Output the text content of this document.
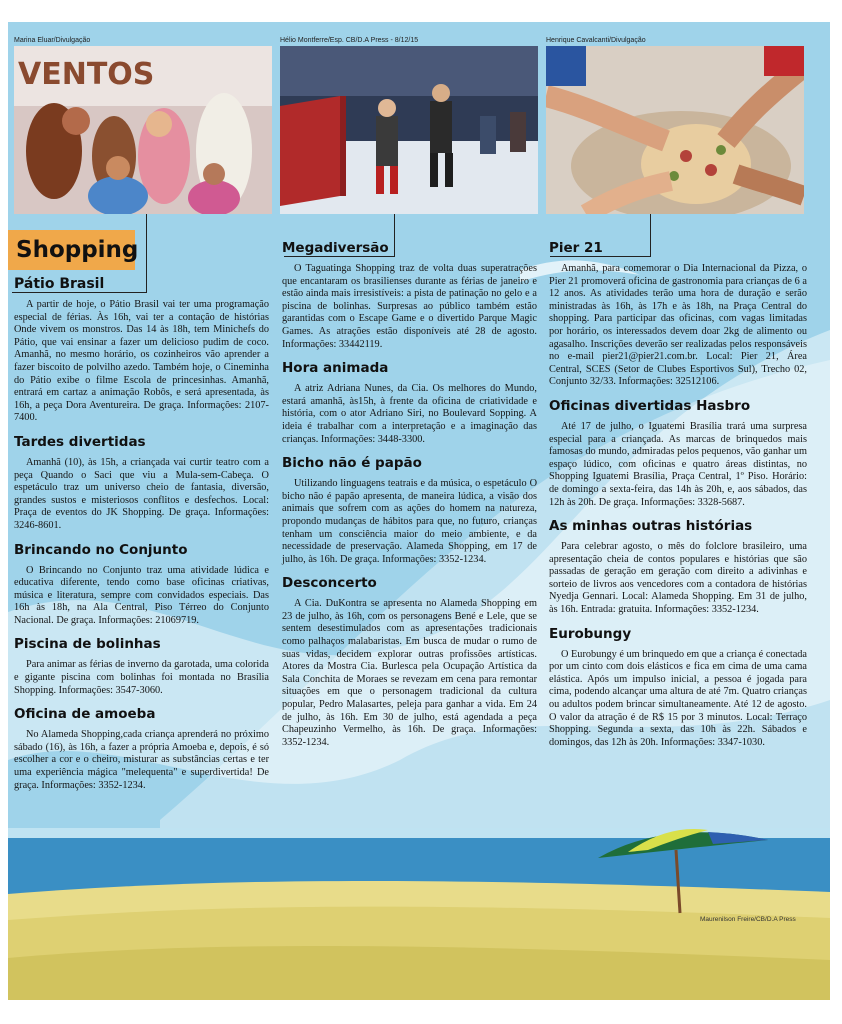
Marina Eluar/Divulgação	Hélio Montferre/Esp. CB/D.A Press - 8/12/15	Henrique Cavalcanti/Divulgação
VENTOS
Shopping
Pátio Brasil

A partir de hoje, o Pátio Brasil vai ter uma programação especial de férias. Às 16h, vai ter a contação de histórias Onde vivem os monstros. Das 14 às 18h, tem Minichefs do Pátio, que vai ensinar a fazer um delicioso pudim de coco. Amanhã, no mesmo horário, os cozinheiros vão aprender a fazer biscoito de polvilho azedo. Também hoje, o Cineminha do Pátio exibe o filme Escola de princesinhas. Amanhã, entrará em cartaz a animação Robôs, e será apresentada, às 16h, a peça Dora Aventureira. De graça. Informações: 2107-7400.

Tardes divertidas

Amanhã (10), às 15h, a criançada vai curtir teatro com a peça Quando o Saci que viu a Mula-sem-Cabeça. O espetáculo traz um universo cheio de fantasia, diversão, grandes sustos e misteriosos conflitos e desfechos. Local: Praça de eventos do JK Shopping. De graça. Informações: 3246-8601.

Brincando no Conjunto

O Brincando no Conjunto traz uma atividade lúdica e educativa diferente, tendo como base oficinas criativas, música e literatura, sempre com convidados especiais. Das 16h às 18h, na Ala Central, Piso Térreo do Conjunto Nacional. De graça. Informações: 21069719.

Piscina de bolinhas

Para animar as férias de inverno da garotada, uma colorida e gigante piscina com bolinhas foi montada no Brasília Shopping. Informações: 3547-3060.

Oficina de amoeba

No Alameda Shopping,cada criança aprenderá no próximo sábado (16), às 16h, a fazer a própria Amoeba e, depois, é só escolher a cor e o cheiro, misturar as substâncias certas e ter uma experiência mágica "melequenta" e superdivertida! De graça. Informações: 3352-1234.

Megadiversão

O Taguatinga Shopping traz de volta duas superatrações que encantaram os brasilienses durante as férias de janeiro e estão ainda mais irresistíveis: a pista de patinação no gelo e a piscina de bolinhas. Surpresas ao público também estão garantidas com o Escape Game e o divertido Parque Magic Games. As atrações estão disponíveis até 28 de agosto. Informações: 33442119.

Hora animada

A atriz Adriana Nunes, da Cia. Os melhores do Mundo, estará amanhã, às15h, à frente da oficina de criatividade e história, com o ator Adriano Siri, no Boulevard Sopping. A ideia é trabalhar com a interpretação e a imaginação das crianças. Informações: 3448-3300.

Bicho não é papão

Utilizando linguagens teatrais e da música, o espetáculo O bicho não é papão apresenta, de maneira lúdica, a visão dos animais que sofrem com as ações do homem na natureza, propondo mudanças de hábitos para que, no futuro, crianças tenham um consciência maior do meio ambiente, e da necessidade de preservação. Alameda Shopping, em 17 de julho, às 16h. De graça. Informações: 3352-1234.

Desconcerto

A Cia. DuKontra se apresenta no Alameda Shopping em 23 de julho, às 16h, com os personagens Bené e Lele, que se sentem desestimulados com as apresentações tradicionais como palhaços malabaristas. Em busca de mudar o rumo de suas vidas, decidem explorar outras profissões artísticas. Atores da Mostra Cia. Burlesca pela Ocupação Artística da Sala Conchita de Moraes se revezam em cena para remontar situações em que o personagem tradicional da cultura popular, Pedro Malasartes, peleja para ganhar a vida. Em 24 de julho, às 16h. Em 30 de julho, está agendada a peça Chapeuzinho Vermelho, às 16h. De graça. Informações: 3352-1234.

Pier 21

Amanhã, para comemorar o Dia Internacional da Pizza, o Pier 21 promoverá oficina de gastronomia para crianças de 6 a 12 anos. As atividades terão uma hora de duração e serão ministradas às 16h, às 17h e às 18h, na Praça Central do shopping. Para participar das oficinas, com vagas limitadas por horário, os interessados devem doar 2kg de alimento ou agasalho. Inscrições deverão ser realizadas pelos responsáveis no e-mail pier21@pier21.com.br. Local: Pier 21, Área Central, SCES (Setor de Clubes Esportivos Sul), Trecho 02, Conjunto 32/33. Informações: 32512106.

Oficinas divertidas Hasbro

Até 17 de julho, o Iguatemi Brasília trará uma surpresa especial para a criançada. As marcas de brinquedos mais famosas do mundo, admiradas pelos pequenos, vão ganhar um espaço lúdico, com oficinas e quatro áreas distintas, no Shopping Iguatemi Brasília, Praça Central, 1º Piso. Horário: de domingo a sexta-feira, das 14h às 20h, e, aos sábados, das 12h às 20h. De graça. Informações: 3328-5687.

As minhas outras histórias

Para celebrar agosto, o mês do folclore brasileiro, uma apresentação cheia de contos populares e histórias que são passadas de geração em geração com direito a adivinhas e sorteio de livros aos vencedores com a contadora de histórias Nyedja Gennari. Local: Alameda Shopping. Em 31 de julho, às 16h. Entrada: gratuita. Informações: 3352-1234.

Eurobungy

O Eurobungy é um brinquedo em que a criança é conectada por um cinto com dois elásticos e fica em cima de uma cama elástica. Após um impulso inicial, a pessoa é jogada para cima, podendo alcançar uma altura de até 7m. Quatro crianças ou adultos podem brincar simultaneamente. Até 12 de agosto. O valor da atração é de R$ 15 por 3 minutos. Local: Terraço Shopping. Segunda a sexta, das 10h às 22h. Sábados e domingos, das 12h às 20h. Informações: 3347-1030.

Maurenilson Freire/CB/D.A Press
